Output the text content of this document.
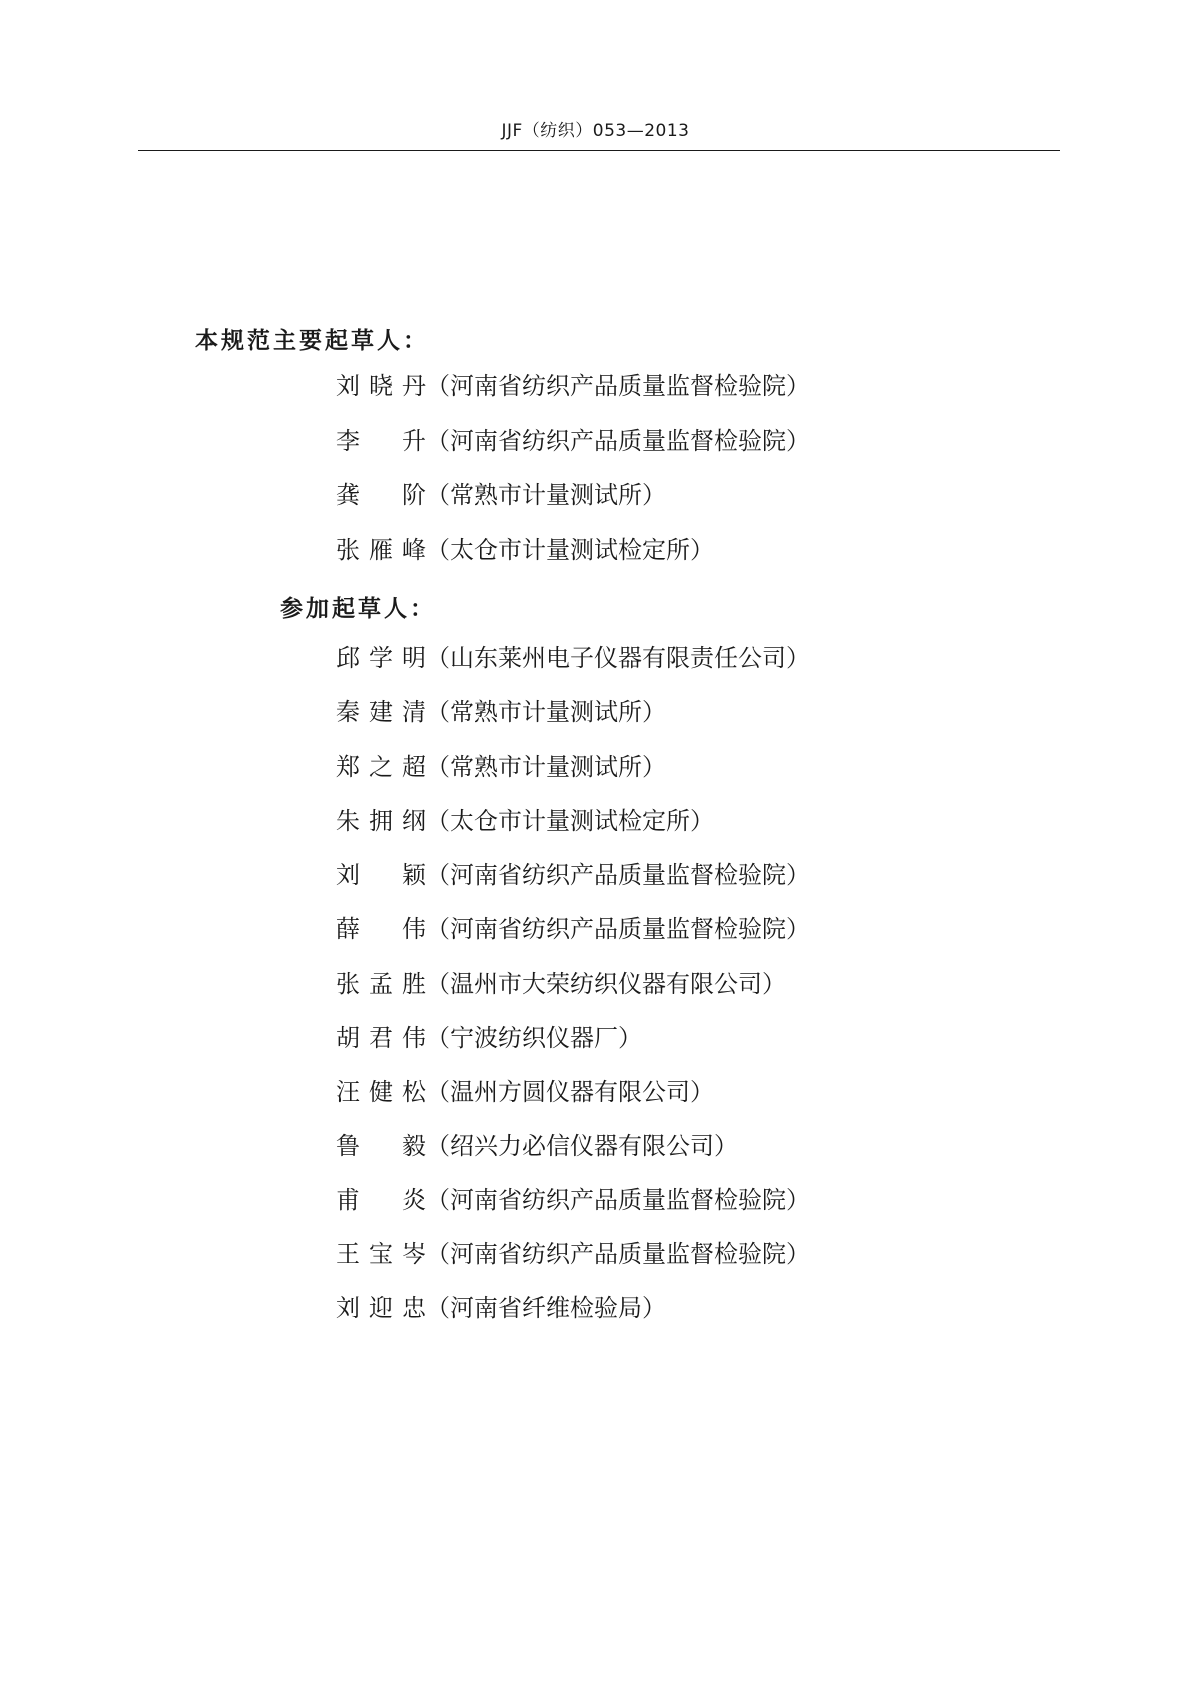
JJF（纺织）053—2013
本规范主要起草人：
刘晓丹（河南省纺织产品质量监督检验院）
李 升（河南省纺织产品质量监督检验院）
龚 阶（常熟市计量测试所）
张雁峰（太仓市计量测试检定所）
参加起草人：
邱学明（山东莱州电子仪器有限责任公司）
秦建清（常熟市计量测试所）
郑之超（常熟市计量测试所）
朱拥纲（太仓市计量测试检定所）
刘 颖（河南省纺织产品质量监督检验院）
薛 伟（河南省纺织产品质量监督检验院）
张孟胜（温州市大荣纺织仪器有限公司）
胡君伟（宁波纺织仪器厂）
汪健松（温州方圆仪器有限公司）
鲁 毅（绍兴力必信仪器有限公司）
甫 炎（河南省纺织产品质量监督检验院）
王宝岑（河南省纺织产品质量监督检验院）
刘迎忠（河南省纤维检验局）
